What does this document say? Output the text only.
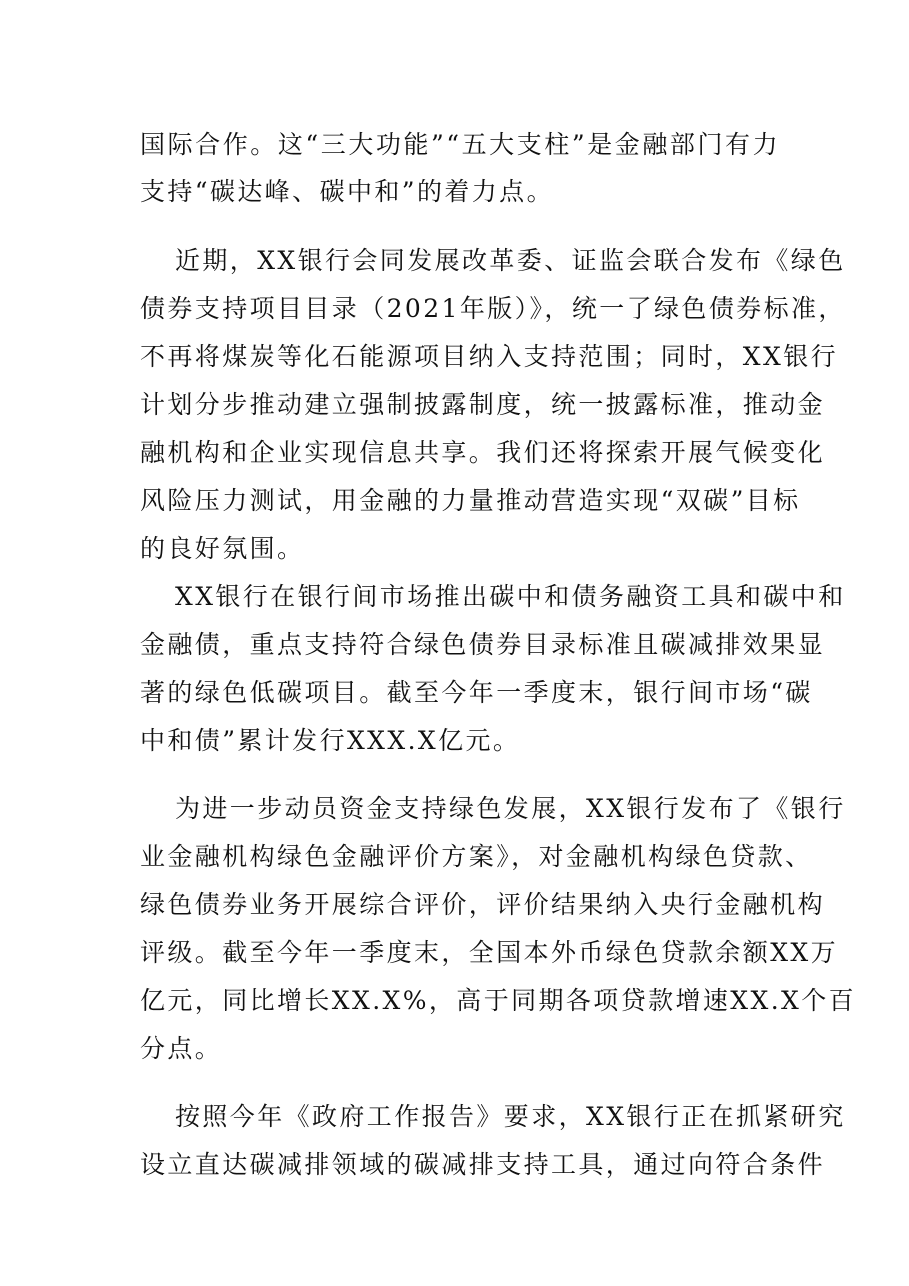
国际合作。这“三大功能”“五大支柱”是金融部门有力
支持“碳达峰、碳中和”的着力点。
近期，XX银行会同发展改革委、证监会联合发布《绿色
债券支持项目目录（2021年版）》，统一了绿色债券标准，
不再将煤炭等化石能源项目纳入支持范围；同时，XX银行
计划分步推动建立强制披露制度，统一披露标准，推动金
融机构和企业实现信息共享。我们还将探索开展气候变化
风险压力测试，用金融的力量推动营造实现“双碳”目标
的良好氛围。
XX银行在银行间市场推出碳中和债务融资工具和碳中和
金融债，重点支持符合绿色债券目录标准且碳减排效果显
著的绿色低碳项目。截至今年一季度末，银行间市场“碳
中和债”累计发行XXX.X亿元。
为进一步动员资金支持绿色发展，XX银行发布了《银行
业金融机构绿色金融评价方案》，对金融机构绿色贷款、
绿色债券业务开展综合评价，评价结果纳入央行金融机构
评级。截至今年一季度末，全国本外币绿色贷款余额XX万
亿元，同比增长XX.X%，高于同期各项贷款增速XX.X个百
分点。
按照今年《政府工作报告》要求，XX银行正在抓紧研究
设立直达碳减排领域的碳减排支持工具，通过向符合条件
